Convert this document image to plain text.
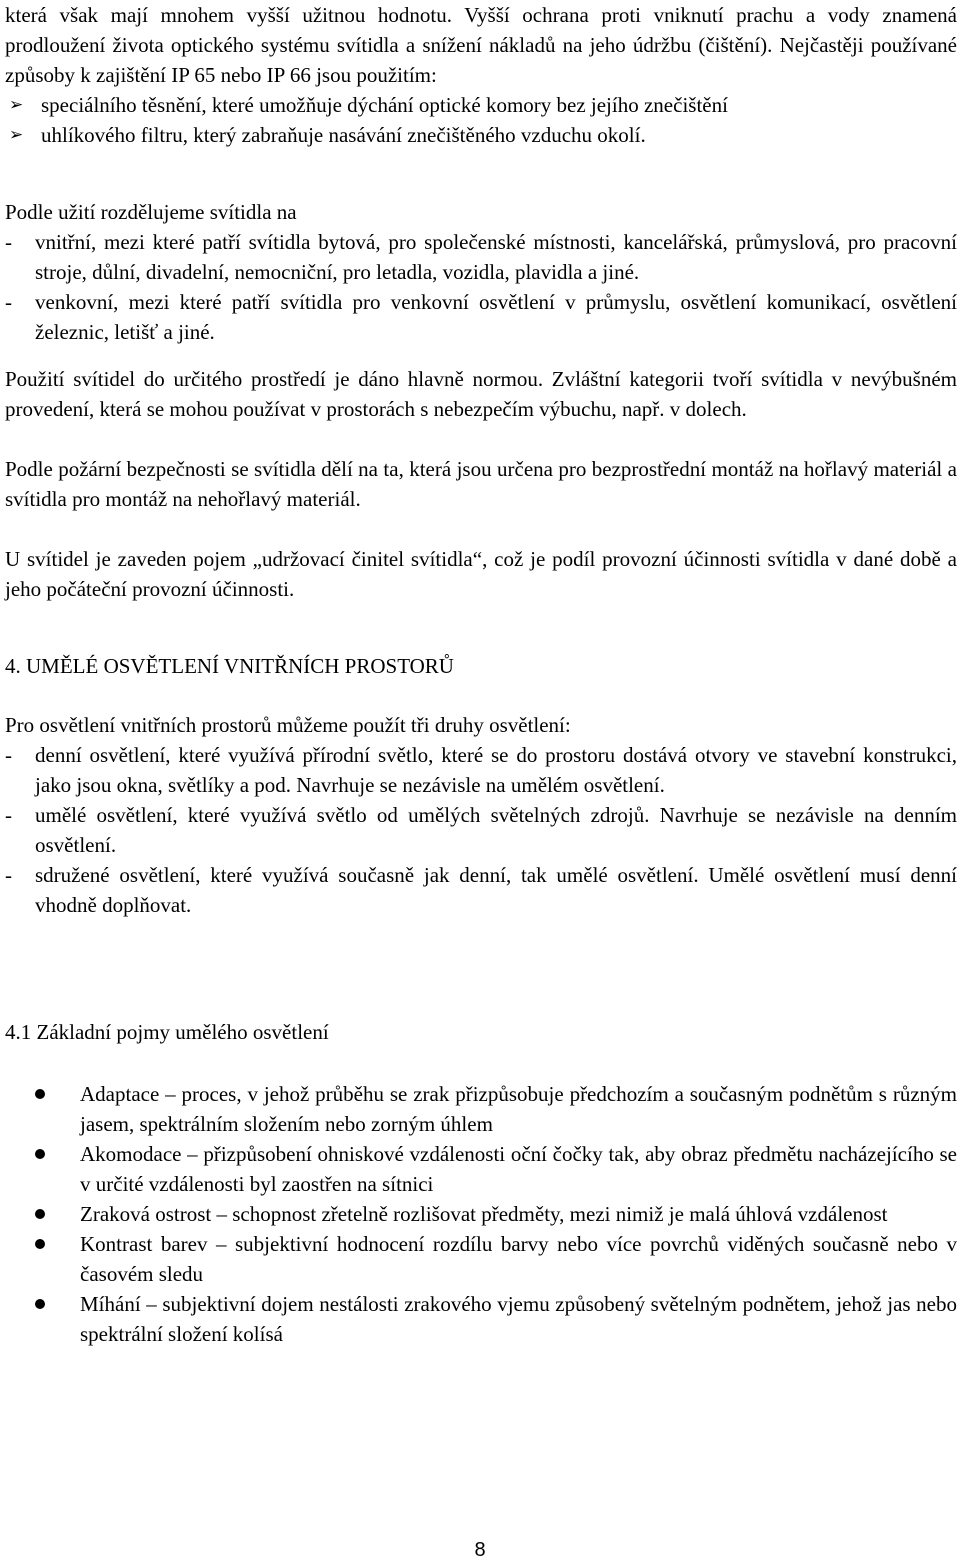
která však mají mnohem vyšší užitnou hodnotu. Vyšší ochrana proti vniknutí prachu a vody znamená prodloužení života optického systému svítidla a snížení nákladů na jeho údržbu (čištění). Nejčastěji používané způsoby k zajištění IP 65 nebo IP 66 jsou použitím:

➢ speciálního těsnění, které umožňuje dýchání optické komory bez jejího znečištění
➢ uhlíkového filtru, který zabraňuje nasávání znečištěného vzduchu okolí.

Podle užití rozdělujeme svítidla na

- vnitřní, mezi které patří svítidla bytová, pro společenské místnosti, kancelářská, průmyslová, pro pracovní stroje, důlní, divadelní, nemocniční, pro letadla, vozidla, plavidla a jiné.
- venkovní, mezi které patří svítidla pro venkovní osvětlení v průmyslu, osvětlení komunikací, osvětlení železnic, letišť a jiné.

Použití svítidel do určitého prostředí je dáno hlavně normou. Zvláštní kategorii tvoří svítidla v nevýbušném provedení, která se mohou používat v prostorách s nebezpečím výbuchu, např. v dolech.

Podle požární bezpečnosti se svítidla dělí na ta, která jsou určena pro bezprostřední montáž na hořlavý materiál a svítidla pro montáž na nehořlavý materiál.

U svítidel je zaveden pojem „udržovací činitel svítidla“, což je podíl provozní účinnosti svítidla v dané době a jeho počáteční provozní účinnosti.

4. UMĚLÉ OSVĚTLENÍ VNITŘNÍCH PROSTORŮ

Pro osvětlení vnitřních prostorů můžeme použít tři druhy osvětlení:

- denní osvětlení, které využívá přírodní světlo, které se do prostoru dostává otvory ve stavební konstrukci, jako jsou okna, světlíky a pod. Navrhuje se nezávisle na umělém osvětlení.
- umělé osvětlení, které využívá světlo od umělých světelných zdrojů. Navrhuje se nezávisle na denním osvětlení.
- sdružené osvětlení, které využívá současně jak denní, tak umělé osvětlení. Umělé osvětlení musí denní vhodně doplňovat.

4.1 Základní pojmy umělého osvětlení

Adaptace – proces, v jehož průběhu se zrak přizpůsobuje předchozím a současným podnětům s různým jasem, spektrálním složením nebo zorným úhlem
Akomodace – přizpůsobení ohniskové vzdálenosti oční čočky tak, aby obraz předmětu nacházejícího se v určité vzdálenosti byl zaostřen na sítnici
Zraková ostrost – schopnost zřetelně rozlišovat předměty, mezi nimiž je malá úhlová vzdálenost
Kontrast barev – subjektivní hodnocení rozdílu barvy nebo více povrchů viděných současně nebo v časovém sledu
Míhání – subjektivní dojem nestálosti zrakového vjemu způsobený světelným podnětem, jehož jas nebo spektrální složení kolísá
8
